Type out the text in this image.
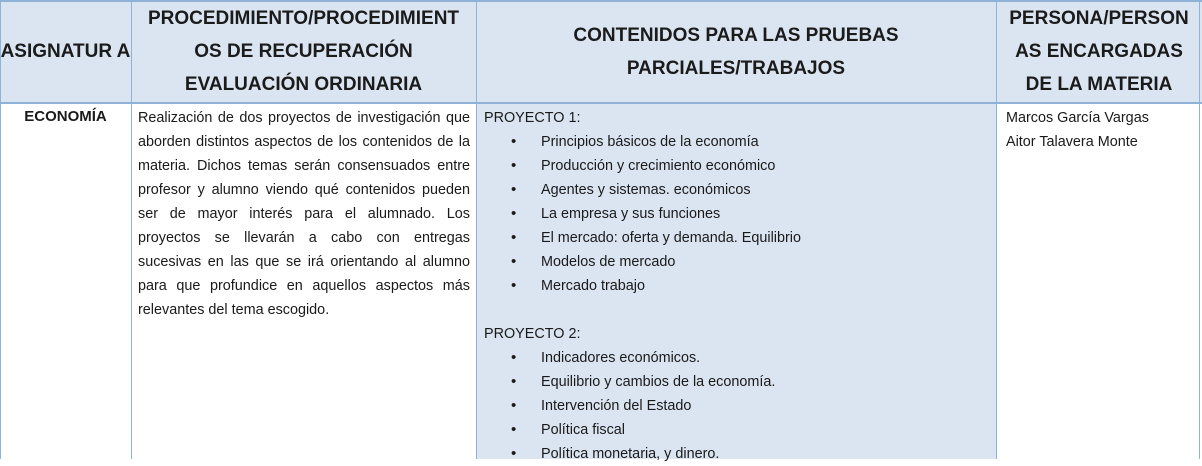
ASIGNATUR A
PROCEDIMIENTO/PROCEDIMIENT OS DE RECUPERACIÓN EVALUACIÓN ORDINARIA
CONTENIDOS PARA LAS PRUEBAS PARCIALES/TRABAJOS
PERSONA/PERSON AS ENCARGADAS DE LA MATERIA
ECONOMÍA	Realización de dos proyectos de investigación que aborden distintos aspectos de los contenidos de la materia. Dichos temas serán consensuados entre profesor y alumno viendo qué contenidos pueden ser de mayor interés para el alumnado. Los proyectos se llevarán a cabo con entregas sucesivas en las que se irá orientando al alumno para que profundice en aquellos aspectos más relevantes del tema escogido.
PROYECTO 1:
• Principios básicos de la economía
• Producción y crecimiento económico
• Agentes y sistemas. económicos
• La empresa y sus funciones
• El mercado: oferta y demanda. Equilibrio
• Modelos de mercado
• Mercado trabajo
PROYECTO 2:
• Indicadores económicos.
• Equilibrio y cambios de la economía.
• Intervención del Estado
• Política fiscal
• Política monetaria, y dinero.
Marcos García Vargas
Aitor Talavera Monte
